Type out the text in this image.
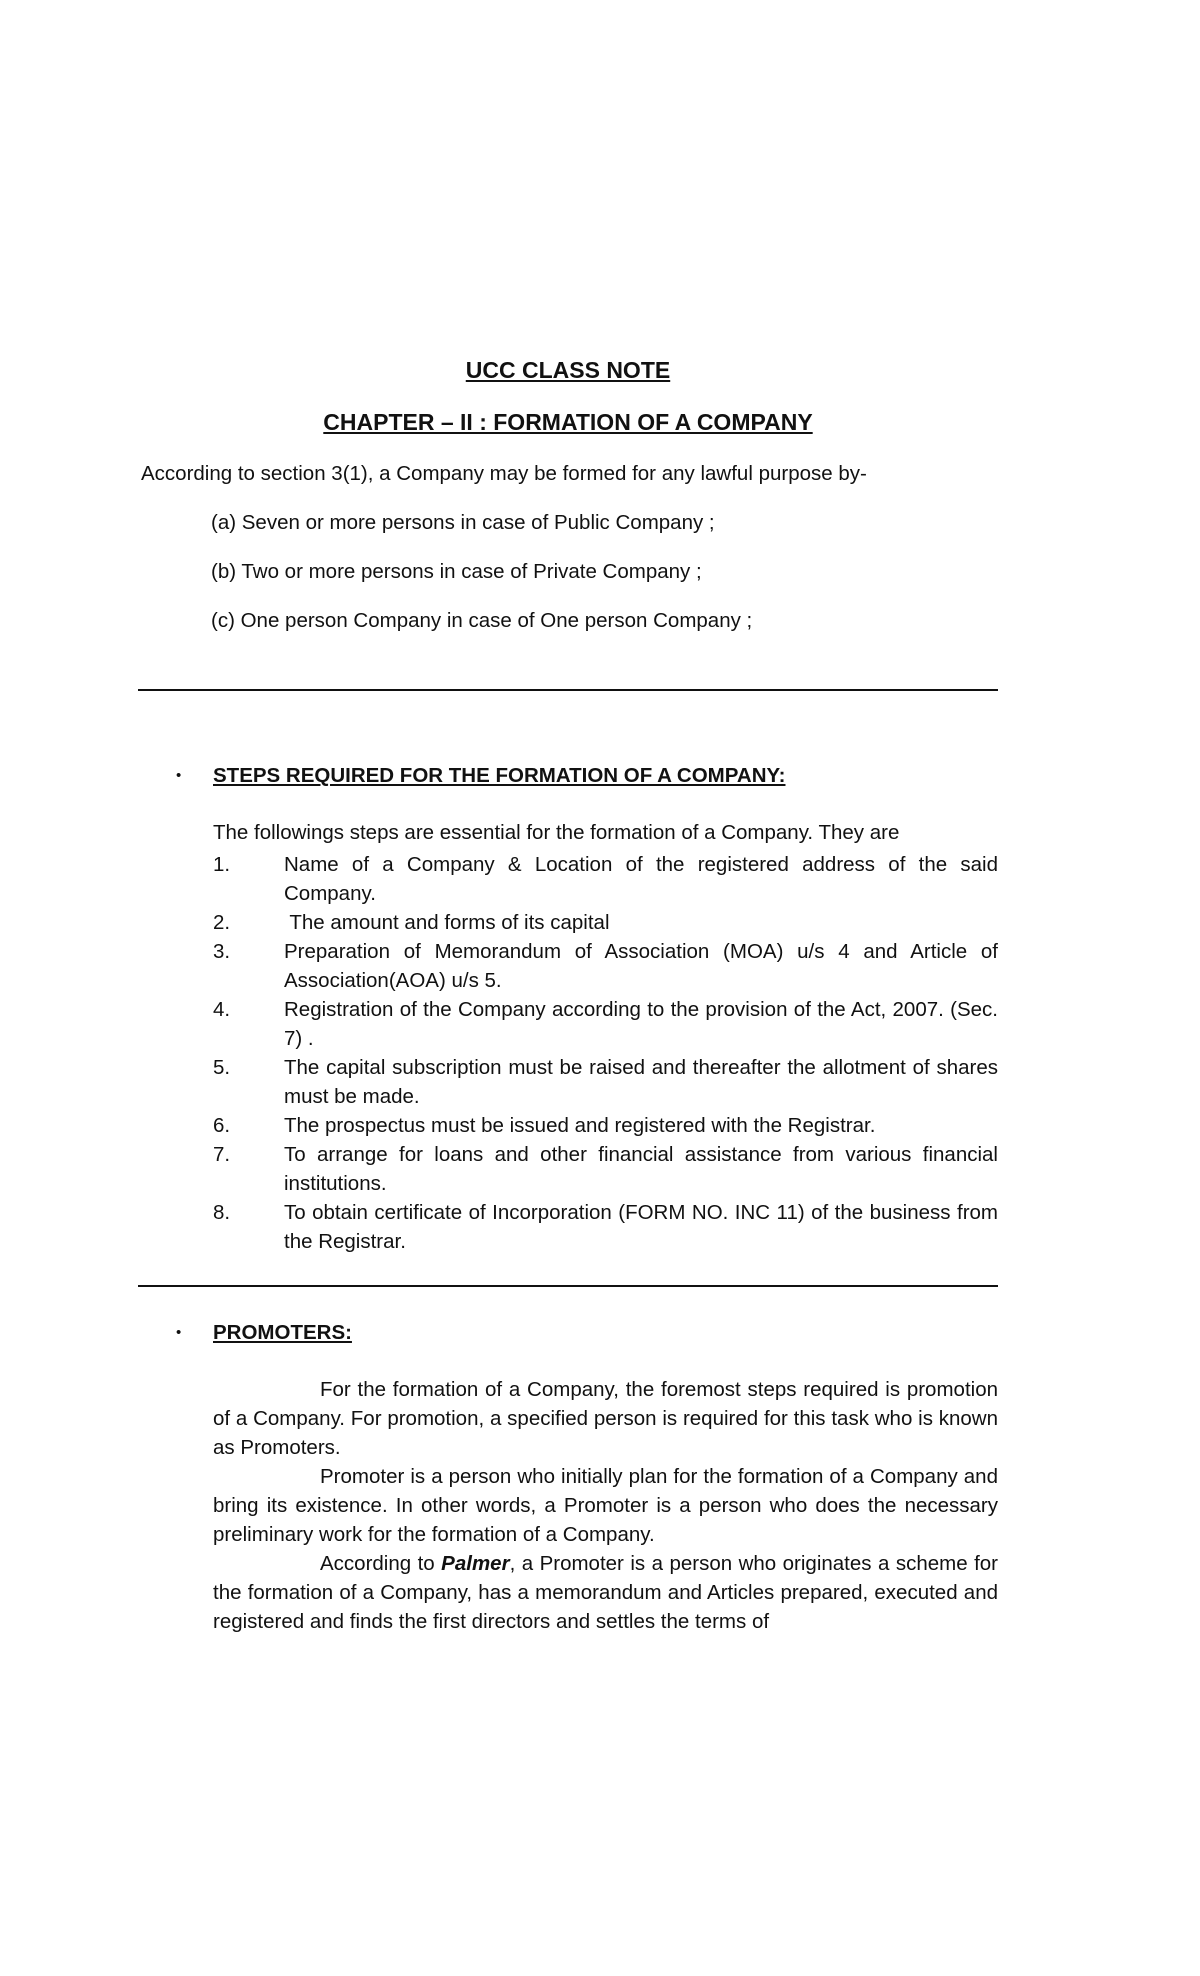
UCC CLASS NOTE
CHAPTER – II : FORMATION OF A COMPANY
According to section 3(1), a Company may be formed for any lawful purpose by-
(a) Seven or more persons in case of Public Company ;
(b) Two or more persons in case of Private Company ;
(c) One person Company in case of One person Company ;
• STEPS REQUIRED FOR THE FORMATION OF A COMPANY:
The followings steps are essential for the formation of a Company. They are
1.	Name of a Company & Location of the registered address of the said Company.
2.	The amount and forms of its capital
3.	Preparation of Memorandum of Association (MOA) u/s 4 and Article of Association(AOA) u/s 5.
4.	Registration of the Company according to the provision of the Act, 2007. (Sec. 7) .
5.	The capital subscription must be raised and thereafter the allotment of shares must be made.
6.	The prospectus must be issued and registered with the Registrar.
7.	To arrange for loans and other financial assistance from various financial institutions.
8.	To obtain certificate of Incorporation (FORM NO. INC 11) of the business from the Registrar.
• PROMOTERS:

For the formation of a Company, the foremost steps required is promotion of a Company. For promotion, a specified person is required for this task who is known as Promoters.

Promoter is a person who initially plan for the formation of a Company and bring its existence. In other words, a Promoter is a person who does the necessary preliminary work for the formation of a Company.

According to Palmer, a Promoter is a person who originates a scheme for the formation of a Company, has a memorandum and Articles prepared, executed and registered and finds the first directors and settles the terms of
